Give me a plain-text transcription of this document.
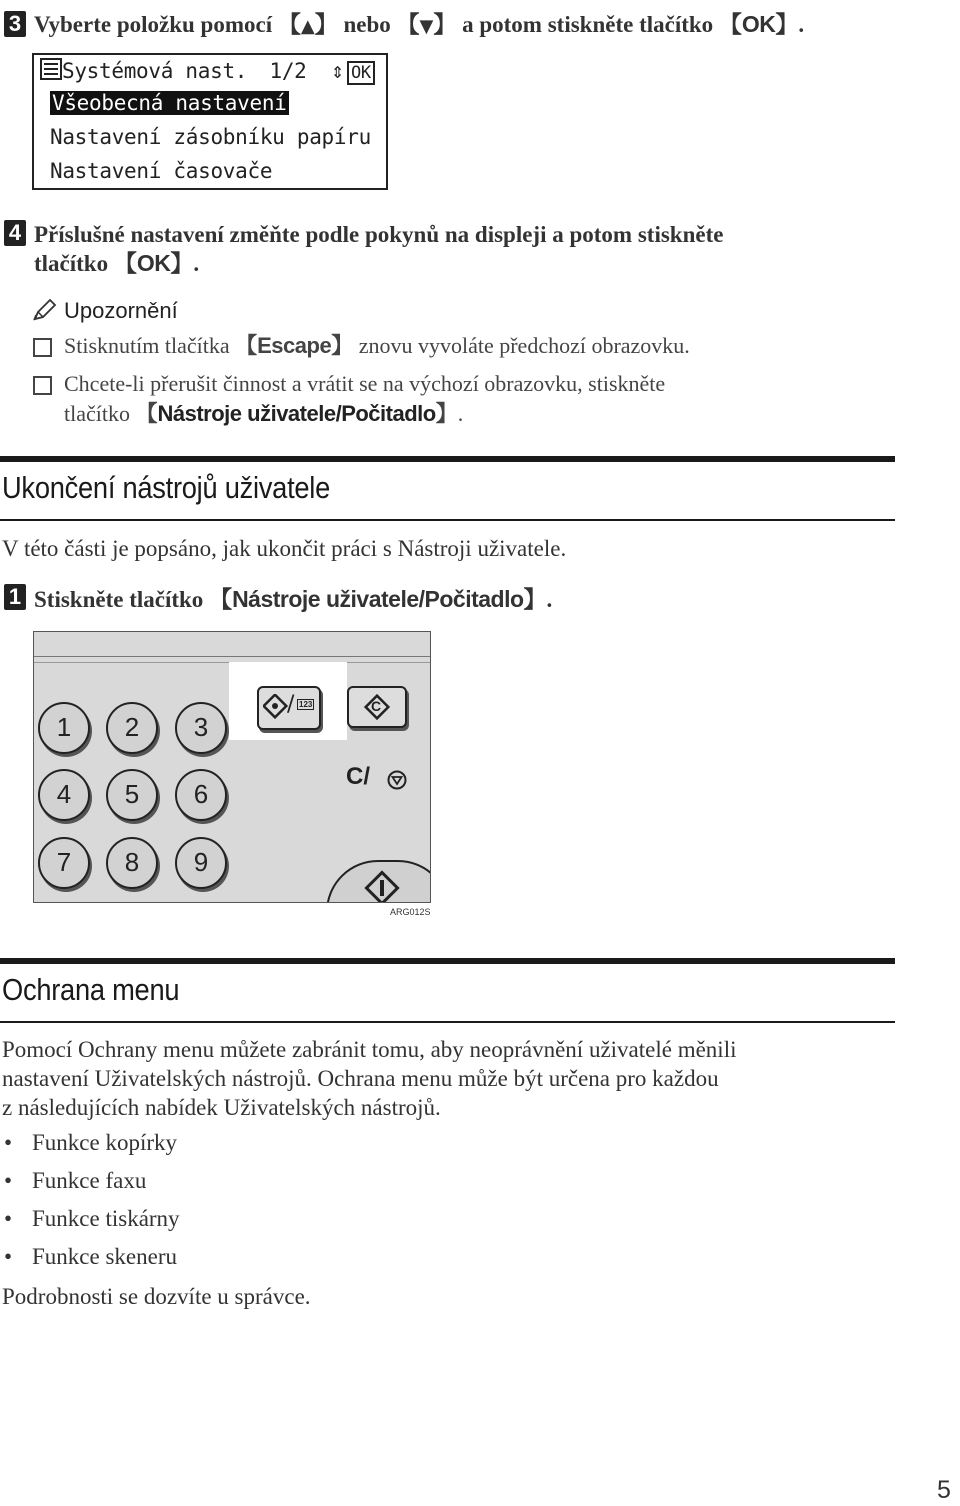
3 Vyberte položku pomocí 【▲】 nebo 【▼】 a potom stiskněte tlačítko 【OK】.
Systémová nast. 1/2 ⇕ OK
Všeobecná nastavení
Nastavení zásobníku papíru
Nastavení časovače
4 Příslušné nastavení změňte podle pokynů na displeji a potom stiskněte
tlačítko 【OK】.
Upozornění
Stisknutím tlačítka 【Escape】 znovu vyvoláte předchozí obrazovku.
Chcete-li přerušit činnost a vrátit se na výchozí obrazovku, stiskněte
tlačítko 【Nástroje uživatele/Počitadlo】.
Ukončení nástrojů uživatele
V této části je popsáno, jak ukončit práci s Nástroji uživatele.
1 Stiskněte tlačítko 【Nástroje uživatele/Počitadlo】.
1	2	3
4	5	6
7	8	9
/ 123	C
C/
ARG012S
Ochrana menu
Pomocí Ochrany menu můžete zabránit tomu, aby neoprávnění uživatelé měnili
nastavení Uživatelských nástrojů. Ochrana menu může být určena pro každou
z následujících nabídek Uživatelských nástrojů.
• Funkce kopírky
• Funkce faxu
• Funkce tiskárny
• Funkce skeneru
Podrobnosti se dozvíte u správce.
5
